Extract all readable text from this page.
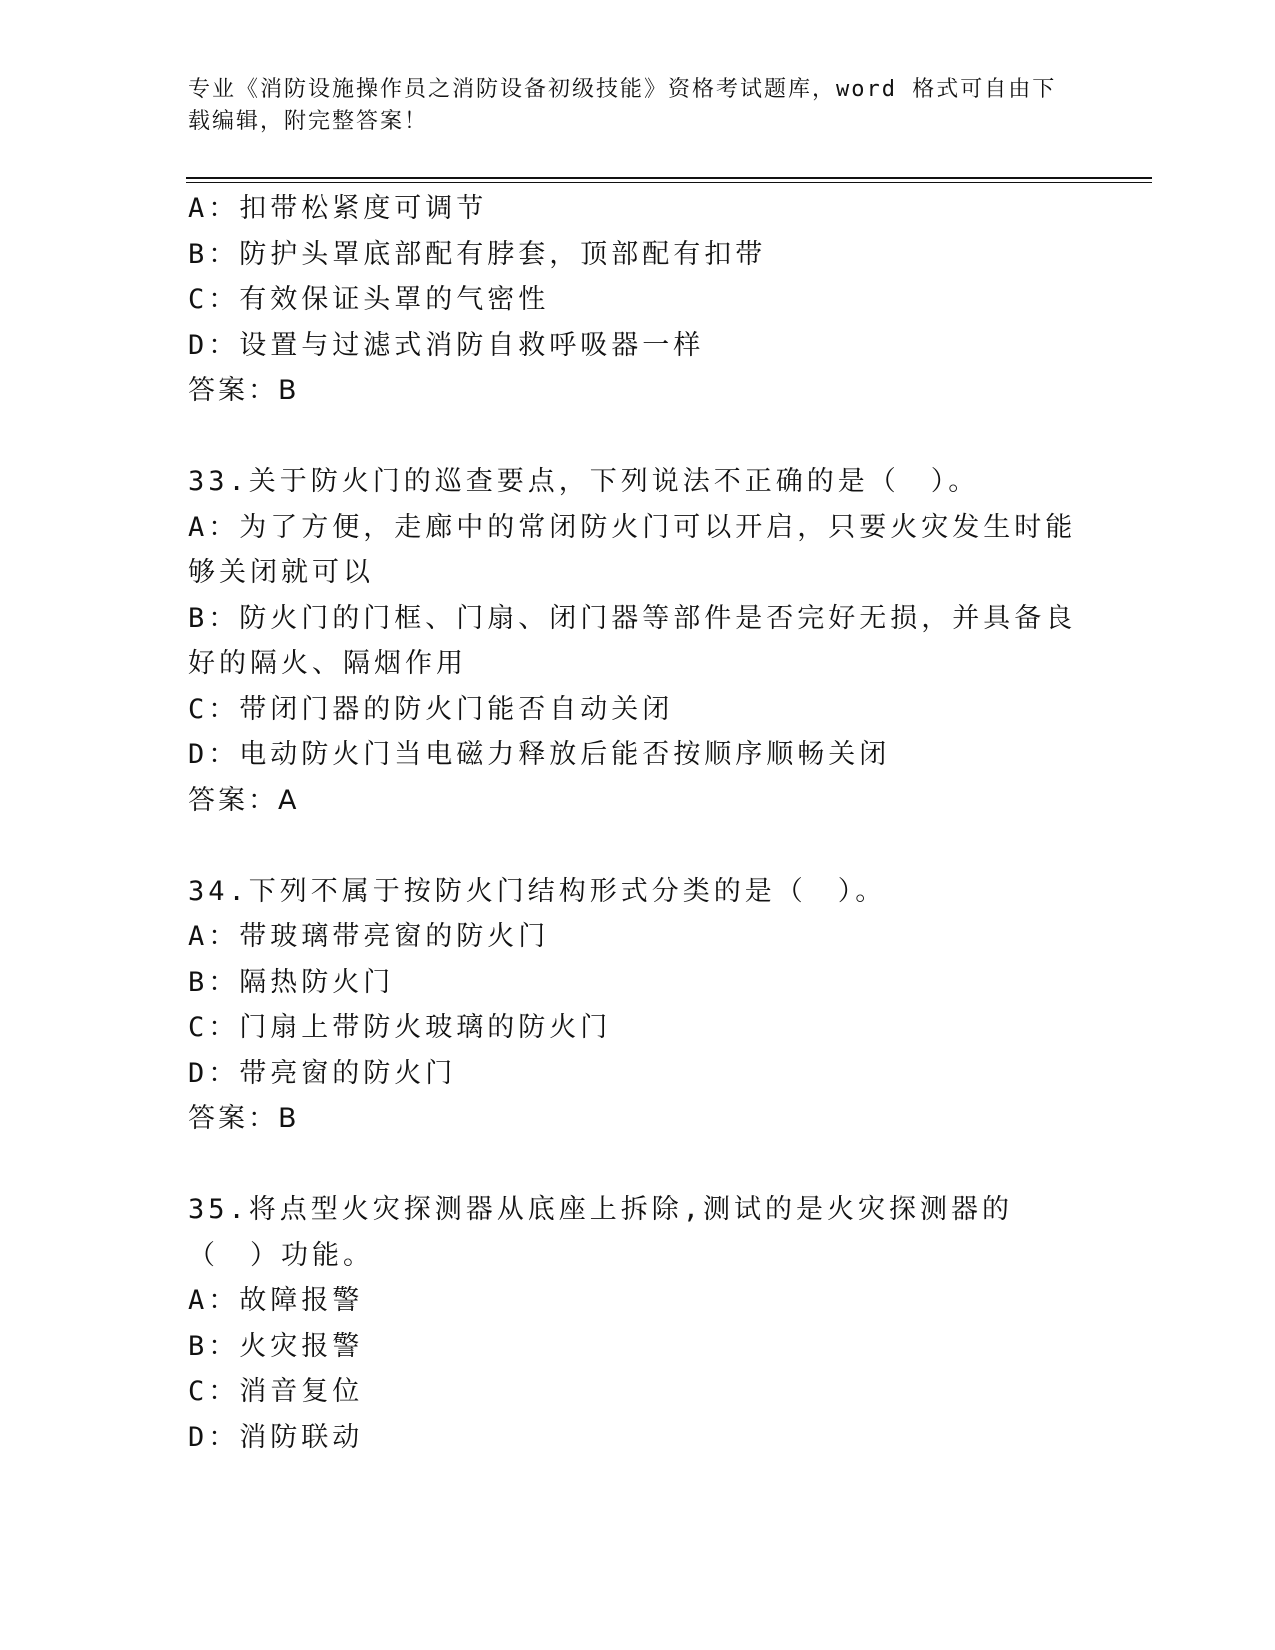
专业《消防设施操作员之消防设备初级技能》资格考试题库，word 格式可自由下载编辑，附完整答案！
A：扣带松紧度可调节
B：防护头罩底部配有脖套，顶部配有扣带
C：有效保证头罩的气密性
D：设置与过滤式消防自救呼吸器一样
答案：B
33.关于防火门的巡查要点，下列说法不正确的是（　）。
A：为了方便，走廊中的常闭防火门可以开启，只要火灾发生时能够关闭就可以
B：防火门的门框、门扇、闭门器等部件是否完好无损，并具备良好的隔火、隔烟作用
C：带闭门器的防火门能否自动关闭
D：电动防火门当电磁力释放后能否按顺序顺畅关闭
答案：A
34.下列不属于按防火门结构形式分类的是（　）。
A：带玻璃带亮窗的防火门
B：隔热防火门
C：门扇上带防火玻璃的防火门
D：带亮窗的防火门
答案：B
35.将点型火灾探测器从底座上拆除,测试的是火灾探测器的（　）功能。
A：故障报警
B：火灾报警
C：消音复位
D：消防联动
